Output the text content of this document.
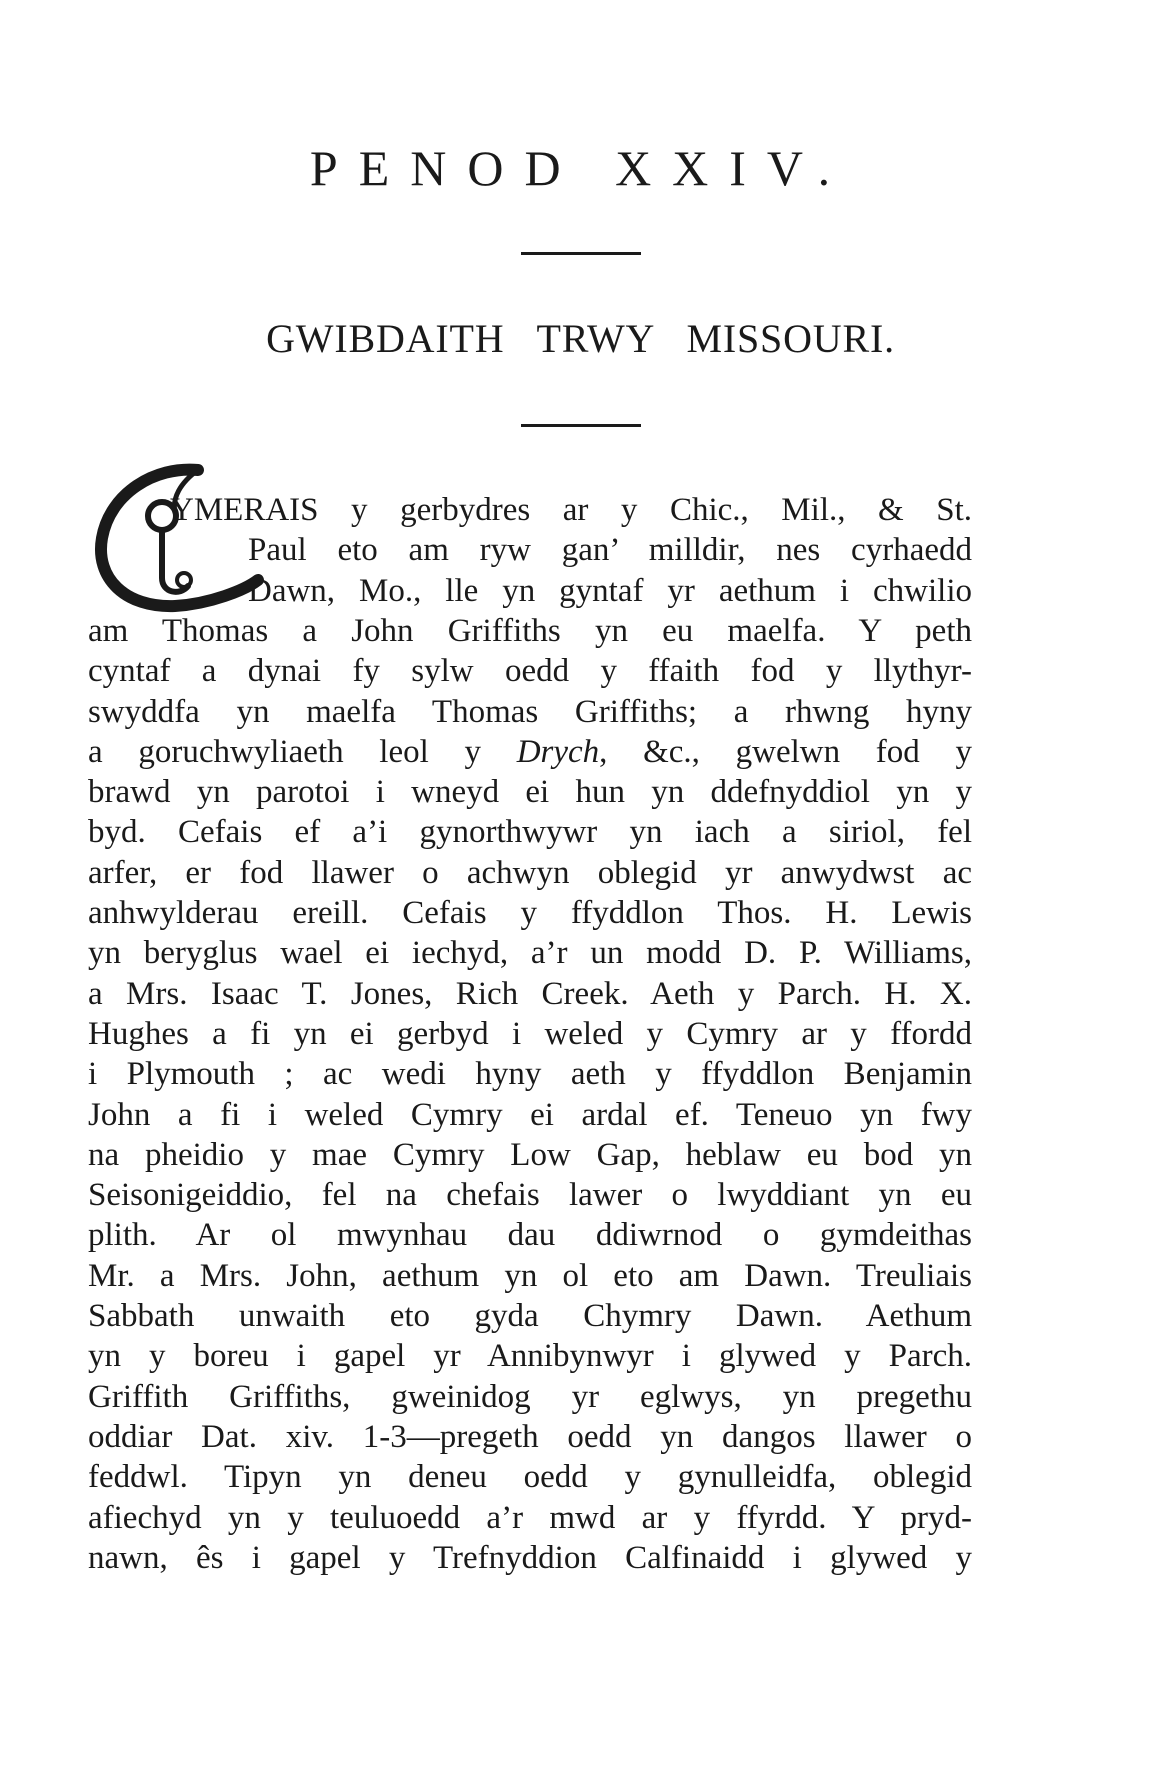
PENOD XXIV.
GWIBDAITH TRWY MISSOURI.
C
YMERAIS y gerbydres ar y Chic., Mil., & St.
Paul eto am ryw gan’ milldir, nes cyrhaedd
Dawn, Mo., lle yn gyntaf yr aethum i chwilio
am Thomas a John Griffiths yn eu maelfa. Y peth
cyntaf a dynai fy sylw oedd y ffaith fod y llythyr-
swyddfa yn maelfa Thomas Griffiths; a rhwng hyny
a goruchwyliaeth leol y Drych, &c., gwelwn fod y
brawd yn parotoi i wneyd ei hun yn ddefnyddiol yn y
byd. Cefais ef a’i gynorthwywr yn iach a siriol, fel
arfer, er fod llawer o achwyn oblegid yr anwydwst ac
anhwylderau ereill. Cefais y ffyddlon Thos. H. Lewis
yn beryglus wael ei iechyd, a’r un modd D. P. Williams,
a Mrs. Isaac T. Jones, Rich Creek. Aeth y Parch. H. X.
Hughes a fi yn ei gerbyd i weled y Cymry ar y ffordd
i Plymouth ; ac wedi hyny aeth y ffyddlon Benjamin
John a fi i weled Cymry ei ardal ef. Teneuo yn fwy
na pheidio y mae Cymry Low Gap, heblaw eu bod yn
Seisonigeiddio, fel na chefais lawer o lwyddiant yn eu
plith. Ar ol mwynhau dau ddiwrnod o gymdeithas
Mr. a Mrs. John, aethum yn ol eto am Dawn. Treuliais
Sabbath unwaith eto gyda Chymry Dawn. Aethum
yn y boreu i gapel yr Annibynwyr i glywed y Parch.
Griffith Griffiths, gweinidog yr eglwys, yn pregethu
oddiar Dat. xiv. 1-3—pregeth oedd yn dangos llawer o
feddwl. Tipyn yn deneu oedd y gynulleidfa, oblegid
afiechyd yn y teuluoedd a’r mwd ar y ffyrdd. Y pryd-
nawn, ês i gapel y Trefnyddion Calfinaidd i glywed y
